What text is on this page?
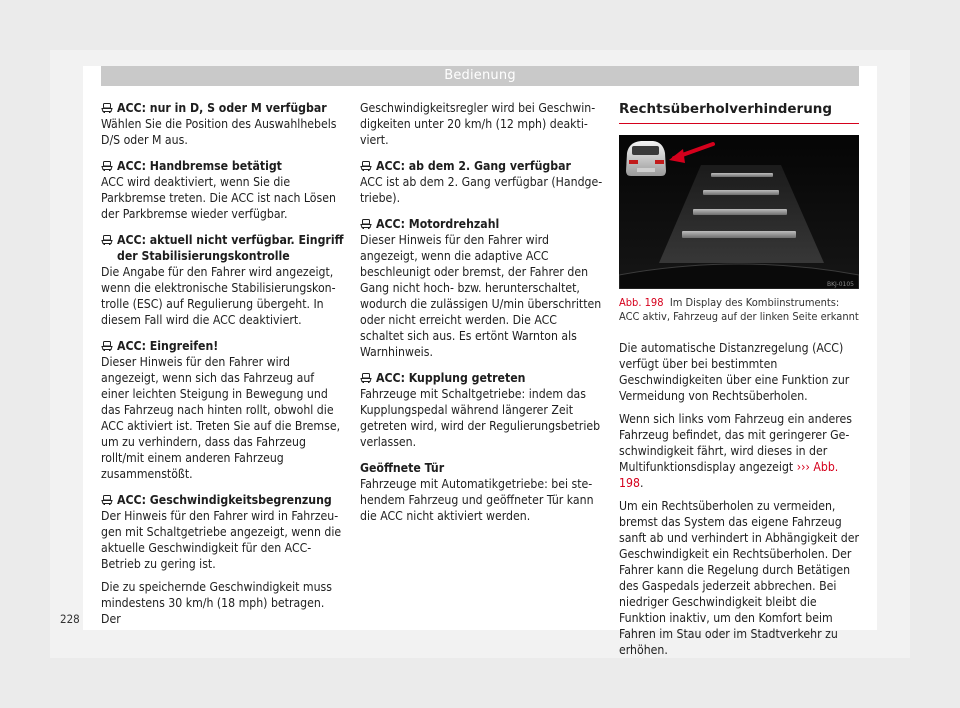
Bedienung

ACC: nur in D, S oder M verfügbar

Wählen Sie die Position des Auswahlhebels D/S oder M aus.

ACC: Handbremse betätigt

ACC wird deaktiviert, wenn Sie die Parkbremse treten. Die ACC ist nach Lösen der Parkbremse wieder verfügbar.

ACC: aktuell nicht verfügbar. Eingriff der Stabilisierungskontrolle

Die Angabe für den Fahrer wird angezeigt, wenn die elektronische Stabilisierungskontrolle (ESC) auf Regulierung übergeht. In diesem Fall wird die ACC deaktiviert.

ACC: Eingreifen!

Dieser Hinweis für den Fahrer wird angezeigt, wenn sich das Fahrzeug auf einer leichten Steigung in Bewegung und das Fahrzeug nach hinten rollt, obwohl die ACC aktiviert ist. Treten Sie auf die Bremse, um zu verhindern, dass das Fahrzeug rollt/mit einem anderen Fahrzeug zusammenstößt.

ACC: Geschwindigkeitsbegrenzung

Der Hinweis für den Fahrer wird in Fahrzeugen mit Schaltgetriebe angezeigt, wenn die aktuelle Geschwindigkeit für den ACC-Betrieb zu gering ist.

Die zu speichernde Geschwindigkeit muss mindestens 30 km/h (18 mph) betragen. Der

Geschwindigkeitsregler wird bei Geschwindigkeiten unter 20 km/h (12 mph) deaktiviert.

ACC: ab dem 2. Gang verfügbar

ACC ist ab dem 2. Gang verfügbar (Handgetriebe).

ACC: Motordrehzahl

Dieser Hinweis für den Fahrer wird angezeigt, wenn die adaptive ACC beschleunigt oder bremst, der Fahrer den Gang nicht hoch- bzw. herunterschaltet, wodurch die zulässigen U/min überschritten oder nicht erreicht werden. Die ACC schaltet sich aus. Es ertönt Warnton als Warnhinweis.

ACC: Kupplung getreten

Fahrzeuge mit Schaltgetriebe: indem das Kupplungspedal während längerer Zeit getreten wird, wird der Regulierungsbetrieb verlassen.

Geöffnete Tür

Fahrzeuge mit Automatikgetriebe: bei stehendem Fahrzeug und geöffneter Tür kann die ACC nicht aktiviert werden.

Rechtsüberholverhinderung

BKJ-0105

Abb. 198 Im Display des Kombiinstruments: ACC aktiv, Fahrzeug auf der linken Seite erkannt

Die automatische Distanzregelung (ACC) verfügt über bei bestimmten Geschwindigkeiten über eine Funktion zur Vermeidung von Rechtsüberholen.

Wenn sich links vom Fahrzeug ein anderes Fahrzeug befindet, das mit geringerer Geschwindigkeit fährt, wird dieses in der Multifunktionsdisplay angezeigt ››› Abb. 198.

Um ein Rechtsüberholen zu vermeiden, bremst das System das eigene Fahrzeug sanft ab und verhindert in Abhängigkeit der Geschwindigkeit ein Rechtsüberholen. Der Fahrer kann die Regelung durch Betätigen des Gaspedals jederzeit abbrechen. Bei niedriger Geschwindigkeit bleibt die Funktion inaktiv, um den Komfort beim Fahren im Stau oder im Stadtverkehr zu erhöhen.

228
